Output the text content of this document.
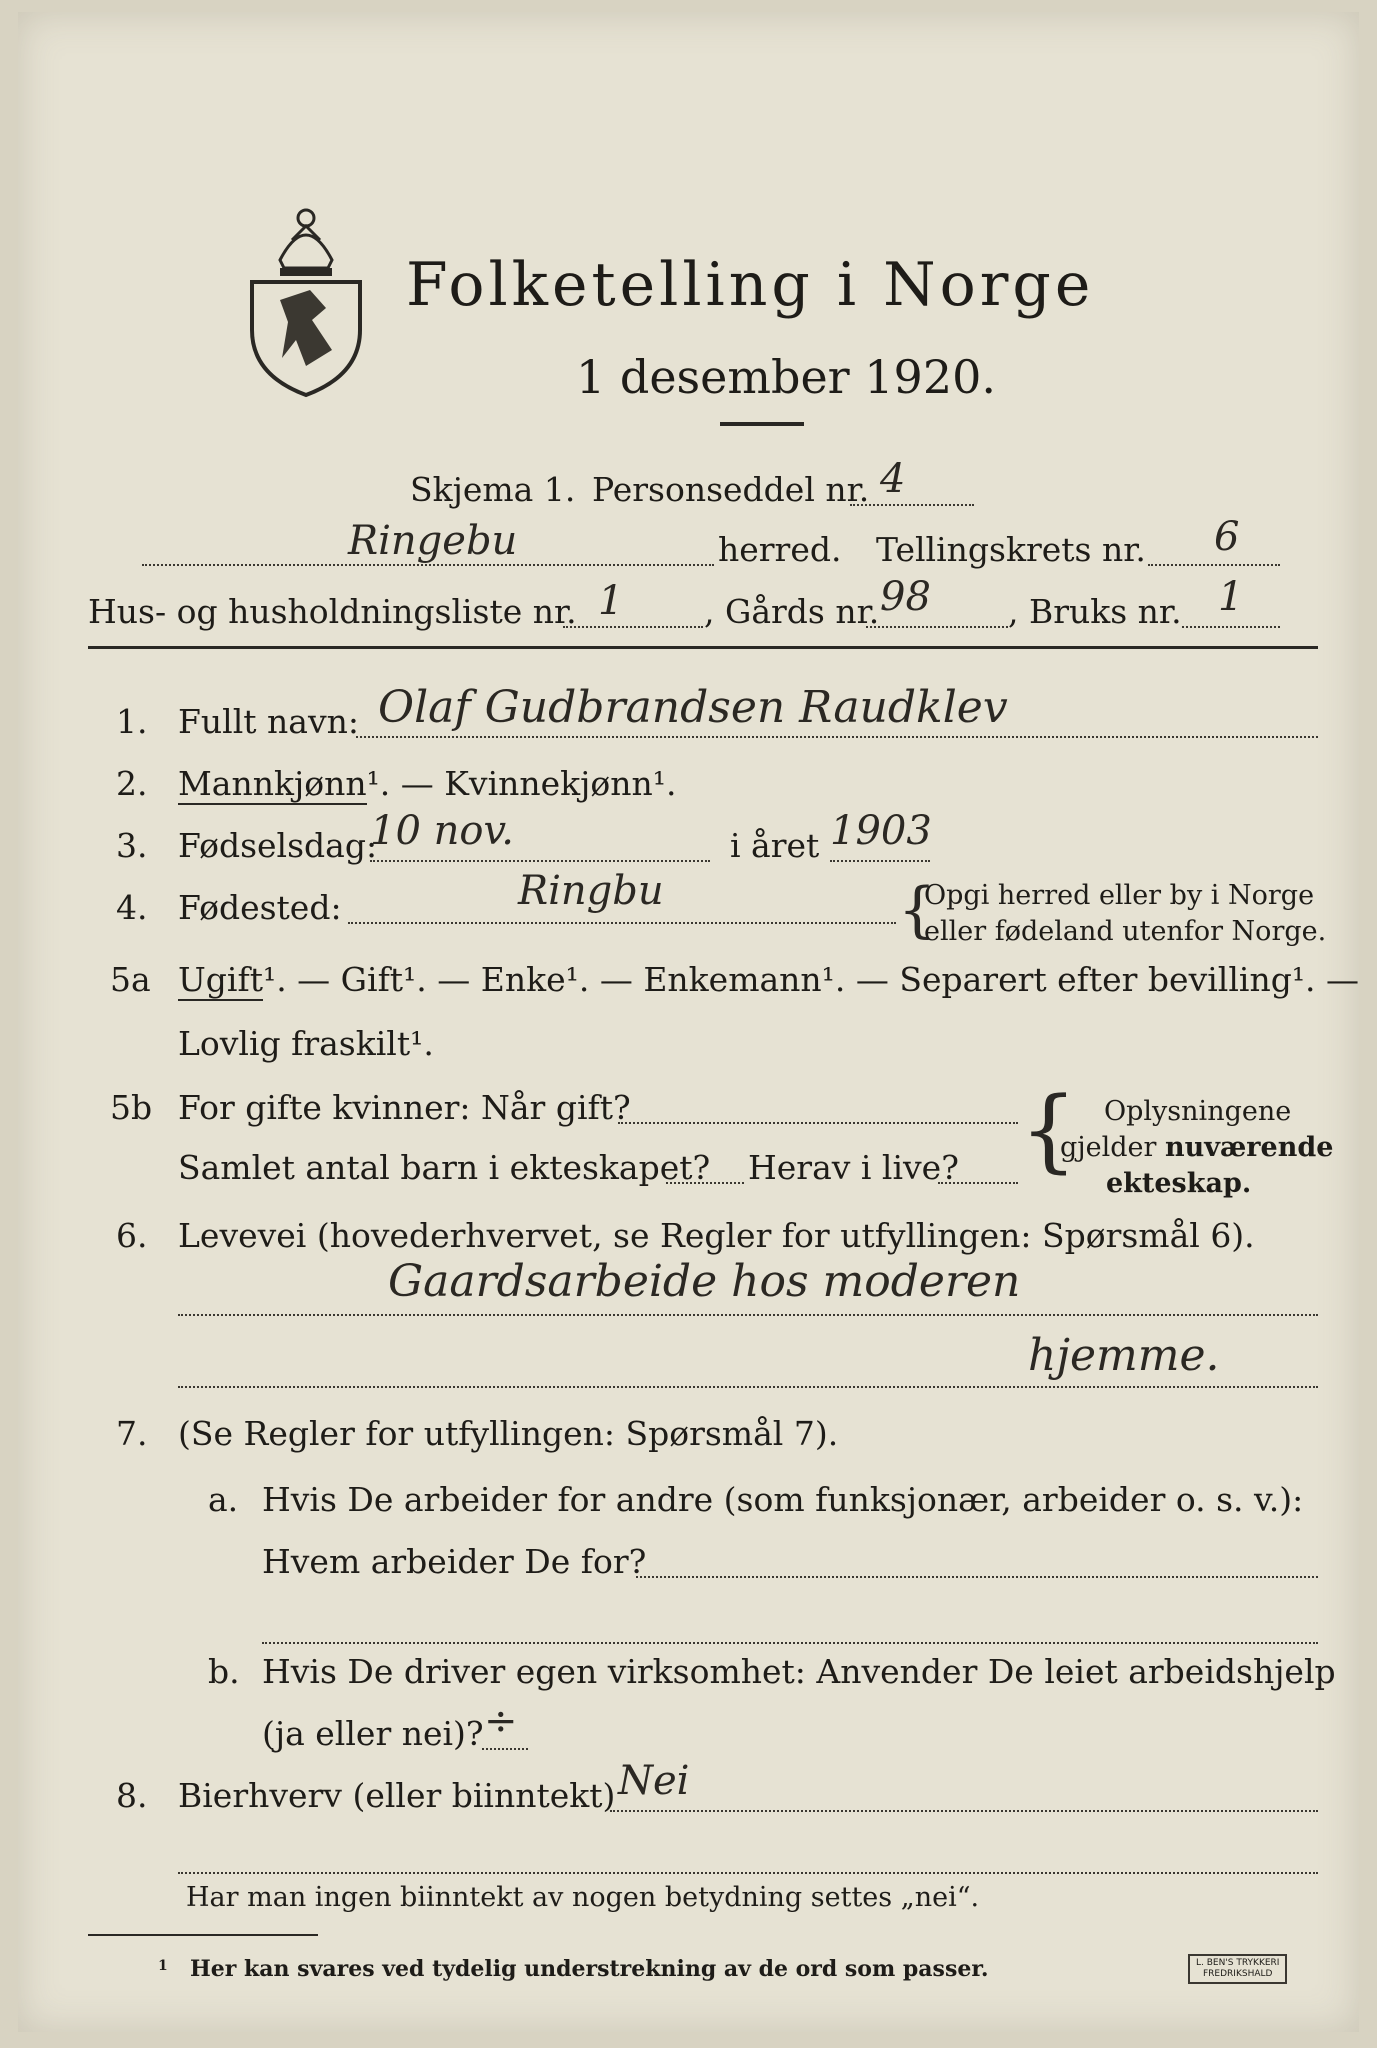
Folketelling i Norge
1 desember 1920.
Skjema 1. Personseddel nr. 4
Ringebu	herred. Tellingskrets nr. 6
Hus- og husholdningsliste nr. 1 , Gårds nr. 98 , Bruks nr. 1
1. Fullt navn: Olaf Gudbrandsen Raudklev
2. Mannkjønn¹. — Kvinnekjønn¹.
3. Fødselsdag:
10 nov.	i året 1903
4. Fødested:	Ringbu	{
Opgi herred eller by i Norge
eller fødeland utenfor Norge.
5a Ugift¹. — Gift¹. — Enke¹. — Enkemann¹. — Separert efter bevilling¹. —
Lovlig fraskilt¹.
5b For gifte kvinner: Når gift?
Samlet antal barn i ekteskapet? Herav i live? { Oplysningene
gjelder nuværende
ekteskap.
6. Levevei (hovederhvervet, se Regler for utfyllingen: Spørsmål 6).
Gaardsarbeide hos moderen
hjemme.
7. (Se Regler for utfyllingen: Spørsmål 7).
a. Hvis De arbeider for andre (som funksjonær, arbeider o. s. v.):
Hvem arbeider De for?
b. Hvis De driver egen virksomhet: Anvender De leiet arbeidshjelp
(ja eller nei)? ÷
8. Bierhverv (eller biinntekt) Nei
Har man ingen biinntekt av nogen betydning settes „nei“.
1 Her kan svares ved tydelig understrekning av de ord som passer.	L. BEN'S TRYKKERI
FREDRIKSHALD
